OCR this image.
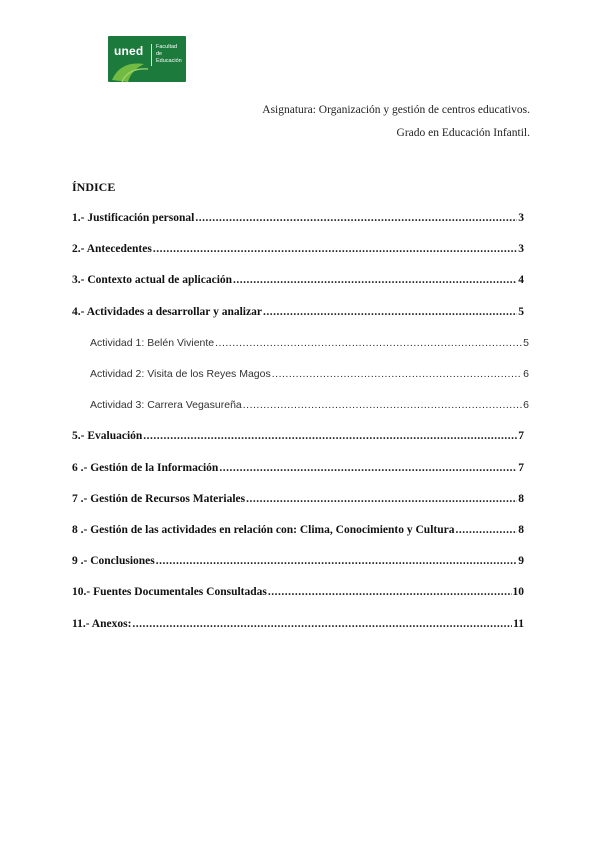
uned Facultad
de Educación
Asignatura: Organización y gestión de centros educativos.
Grado en Educación Infantil.
ÍNDICE
1.- Justificación personal .....	3
2.- Antecedentes .....	3
3.- Contexto actual de aplicación .....	4
4.- Actividades a desarrollar y analizar .....	5
Actividad 1: Belén Viviente .....	5
Actividad 2: Visita de los Reyes Magos .....	6
Actividad 3: Carrera Vegasureña .....	6
5.- Evaluación .....	7
6 .- Gestión de la Información .....	7
7 .- Gestión de Recursos Materiales .....	8
8 .- Gestión de las actividades en relación con: Clima, Conocimiento y Cultura .....	8
9 .- Conclusiones .....	9
10.- Fuentes Documentales Consultadas .....	10
11.- Anexos: .....	11
